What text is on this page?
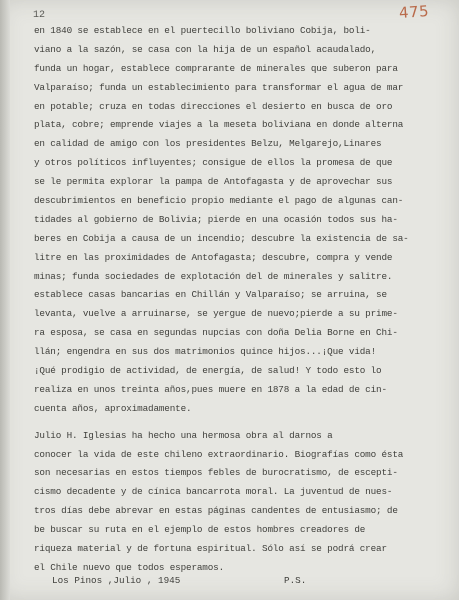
12	475
en 1840 se establece en el puertecillo boliviano Cobija, boli-
viano a la sazón, se casa con la hija de un español acaudalado,
funda un hogar, establece comprarante de minerales que suberon para
Valparaíso; funda un establecimiento para transformar el agua de mar
en potable; cruza en todas direcciones el desierto en busca de oro
plata, cobre; emprende viajes a la meseta boliviana en donde alterna
en calidad de amigo con los presidentes Belzu, Melgarejo,Linares
y otros políticos influyentes; consigue de ellos la promesa de que
se le permita explorar la pampa de Antofagasta y de aprovechar sus
descubrimientos en beneficio propio mediante el pago de algunas can-
tidades al gobierno de Bolivia; pierde en una ocasión todos sus ha-
beres en Cobija a causa de un incendio; descubre la existencia de sa-
litre en las proximidades de Antofagasta; descubre, compra y vende
minas; funda sociedades de explotación del de minerales y salitre.
establece casas bancarias en Chillán y Valparaíso; se arruina, se
levanta, vuelve a arruinarse, se yergue de nuevo;pierde a su prime-
ra esposa, se casa en segundas nupcias con doña Delia Borne en Chi-
llán; engendra en sus dos matrimonios quince hijos...¡Que vida!
¡Qué prodigio de actividad, de energía, de salud! Y todo esto lo
realiza en unos treinta años,pues muere en 1878 a la edad de cin-
cuenta años, aproximadamente.
Julio H. Iglesias ha hecho una hermosa obra al darnos a
conocer la vida de este chileno extraordinario. Biografías como ésta
son necesarias en estos tiempos febles de burocratismo, de escepti-
cismo decadente y de cínica bancarrota moral. La juventud de nues-
tros días debe abrevar en estas páginas candentes de entusiasmo; de
be buscar su ruta en el ejemplo de estos hombres creadores de
riqueza material y de fortuna espiritual. Sólo así se podrá crear
el Chile nuevo que todos esperamos.
Los Pinos ,Julio , 1945	P.S.
